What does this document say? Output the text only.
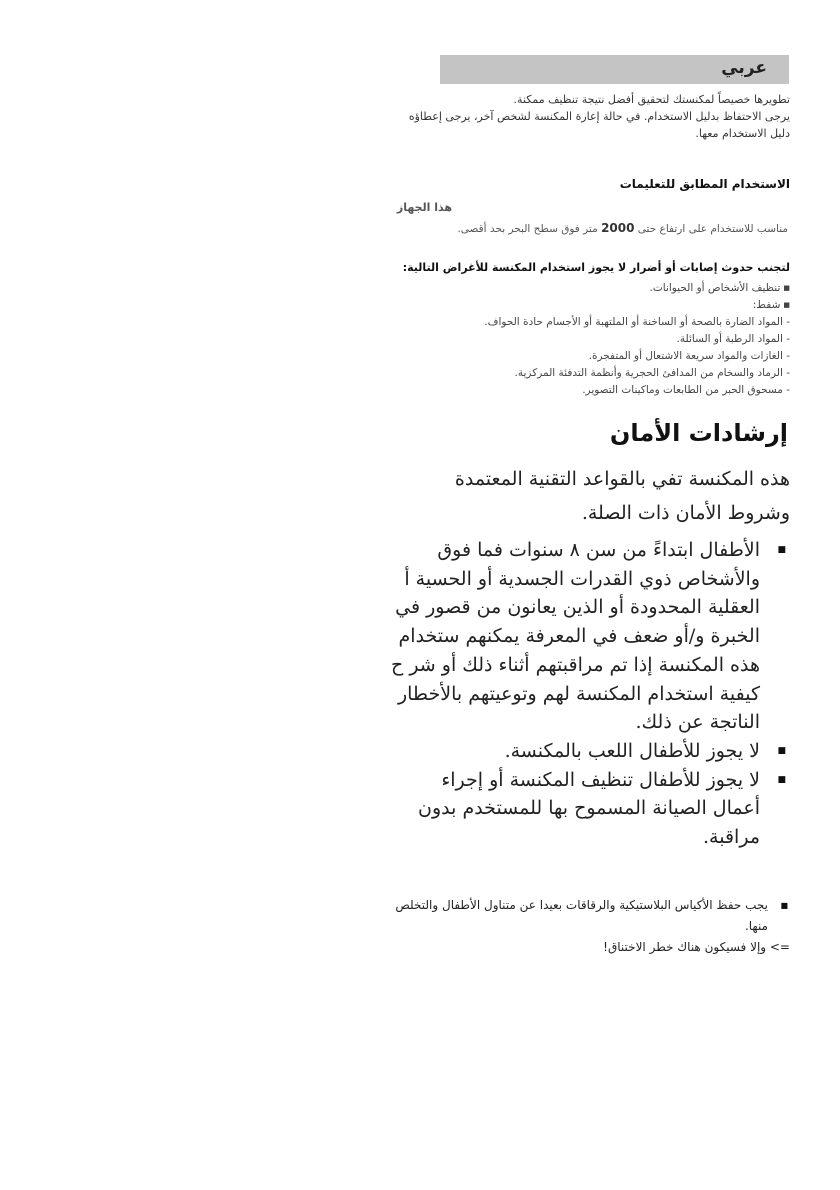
عربي
تطويرها خصيصاً لمكنستك لتحقيق أفضل نتيجة تنظيف ممكنة.
يرجى الاحتفاظ بدليل الاستخدام. في حالة إعارة المكنسة لشخص آخر، يرجى إعطاؤه دليل الاستخدام معها.
الاستخدام المطابق للتعليمات
هذا الجهاز
مناسب للاستخدام على ارتفاع حتى 2000 متر فوق سطح البحر بحد أقصى.
لتجنب حدوث إصابات أو أضرار لا يجوز استخدام المكنسة للأغراض التالية:
■تنظيف الأشخاص أو الحيوانات.
■شفط:
- المواد الضارة بالصحة أو الساخنة أو الملتهبة أو الأجسام حادة الحواف.
- المواد الرطبة أو السائلة.
- الغازات والمواد سريعة الاشتعال أو المتفجرة.
- الرماد والسخام من المدافئ الحجرية وأنظمة التدفئة المركزية.
- مسحوق الحبر من الطابعات وماكينات التصوير.
إرشادات الأمان
هذه المكنسة تفي بالقواعد التقنية المعتمدة وشروط الأمان ذات الصلة.
■
الأطفال ابتداءً من سن ٨ سنوات فما فوق والأشخاص ذوي القدرات الجسدية أو الحسية أ العقلية المحدودة أو الذين يعانون من قصور في الخبرة و/أو ضعف في المعرفة يمكنهم ستخدام هذه المكنسة إذا تم مراقبتهم أثناء ذلك أو شر ح كيفية استخدام المكنسة لهم وتوعيتهم بالأخطار الناتجة عن ذلك.
■
لا يجوز للأطفال اللعب بالمكنسة.
■
لا يجوز للأطفال تنظيف المكنسة أو إجراء أعمال الصيانة المسموح بها للمستخدم بدون مراقبة.
■
يجب حفظ الأكياس البلاستيكية والرقاقات بعيدا عن متناول الأطفال والتخلص منها.
=> وإلا فسيكون هناك خطر الاختناق!
